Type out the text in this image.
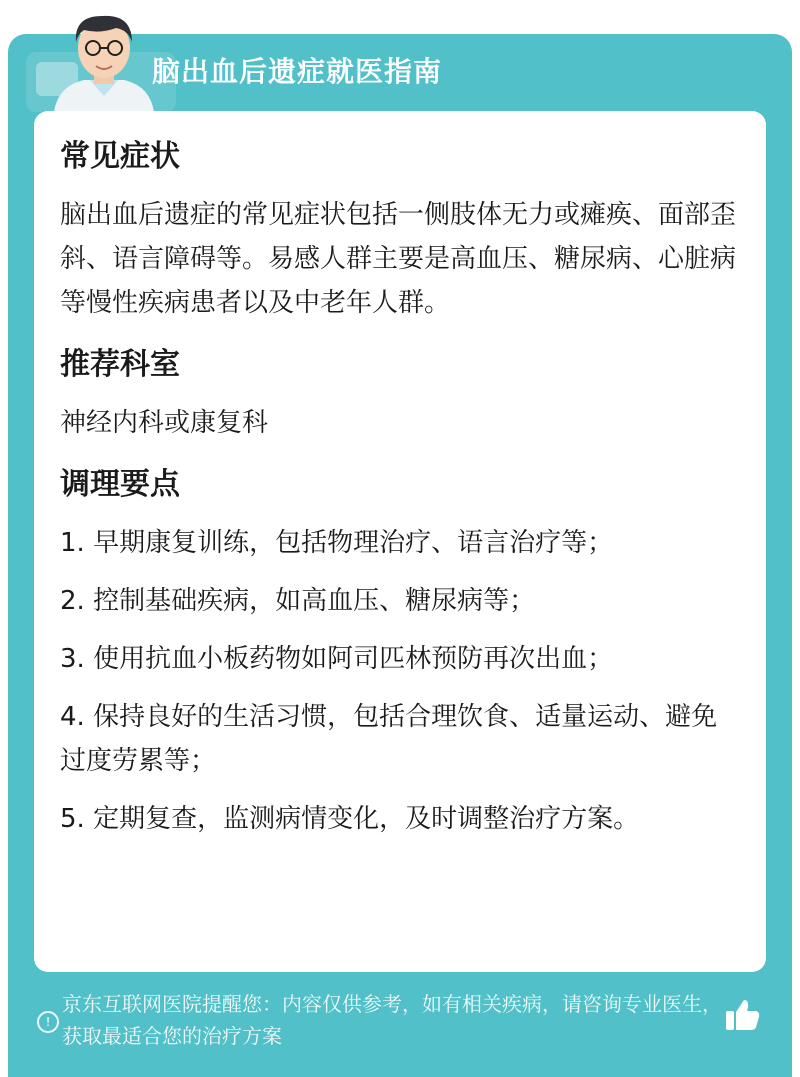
脑出血后遗症就医指南
常见症状
脑出血后遗症的常见症状包括一侧肢体无力或瘫痪、面部歪斜、语言障碍等。易感人群主要是高血压、糖尿病、心脏病等慢性疾病患者以及中老年人群。
推荐科室
神经内科或康复科
调理要点
1. 早期康复训练，包括物理治疗、语言治疗等；
2. 控制基础疾病，如高血压、糖尿病等；
3. 使用抗血小板药物如阿司匹林预防再次出血；
4. 保持良好的生活习惯，包括合理饮食、适量运动、避免过度劳累等；
5. 定期复查，监测病情变化，及时调整治疗方案。
!
京东互联网医院提醒您：内容仅供参考，如有相关疾病，请咨询专业医生，获取最适合您的治疗方案
